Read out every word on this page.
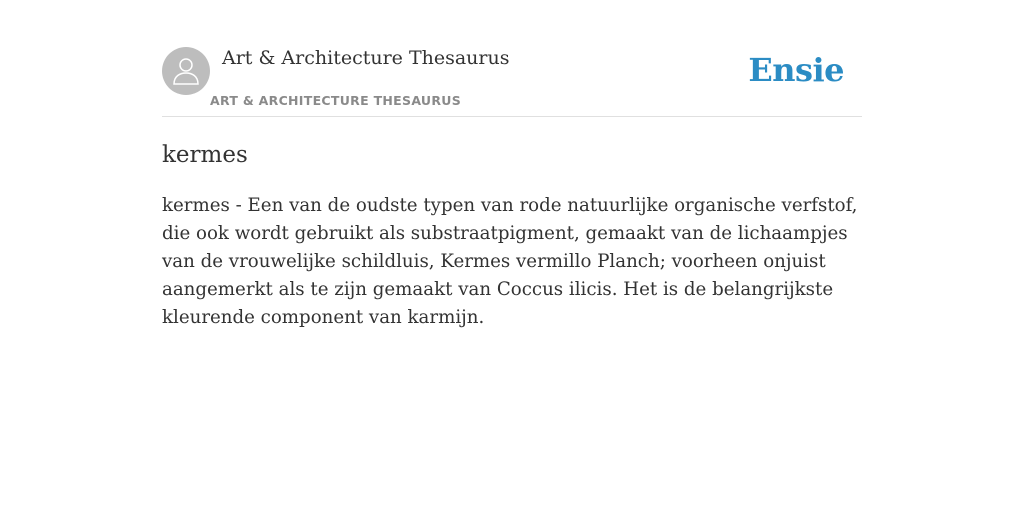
Art & Architecture Thesaurus
ART & ARCHITECTURE THESAURUS
Ensie
kermes

kermes - Een van de oudste typen van rode natuurlijke organische verfstof, die ook wordt gebruikt als substraatpigment, gemaakt van de lichaampjes van de vrouwelijke schildluis, Kermes vermillo Planch; voorheen onjuist aangemerkt als te zijn gemaakt van Coccus ilicis. Het is de belangrijkste kleurende component van karmijn.
